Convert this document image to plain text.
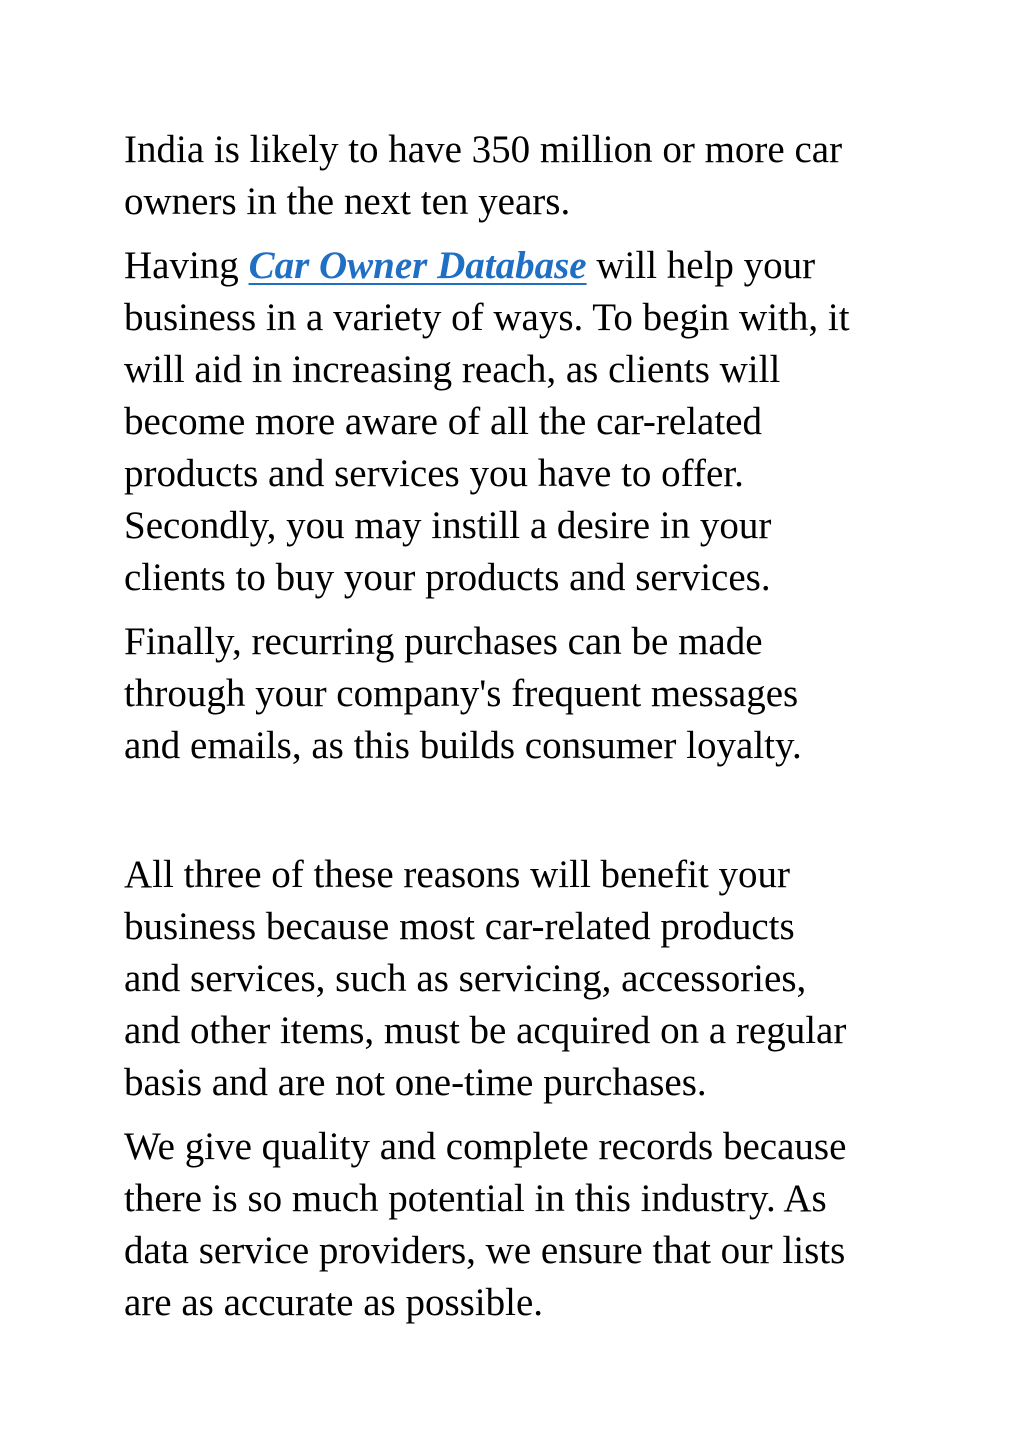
India is likely to have 350 million or more car
owners in the next ten years.

Having Car Owner Database will help your
business in a variety of ways. To begin with, it
will aid in increasing reach, as clients will
become more aware of all the car-related
products and services you have to offer.
Secondly, you may instill a desire in your
clients to buy your products and services.

Finally, recurring purchases can be made
through your company's frequent messages
and emails, as this builds consumer loyalty.

All three of these reasons will benefit your
business because most car-related products
and services, such as servicing, accessories,
and other items, must be acquired on a regular
basis and are not one-time purchases.

We give quality and complete records because
there is so much potential in this industry. As
data service providers, we ensure that our lists
are as accurate as possible.
